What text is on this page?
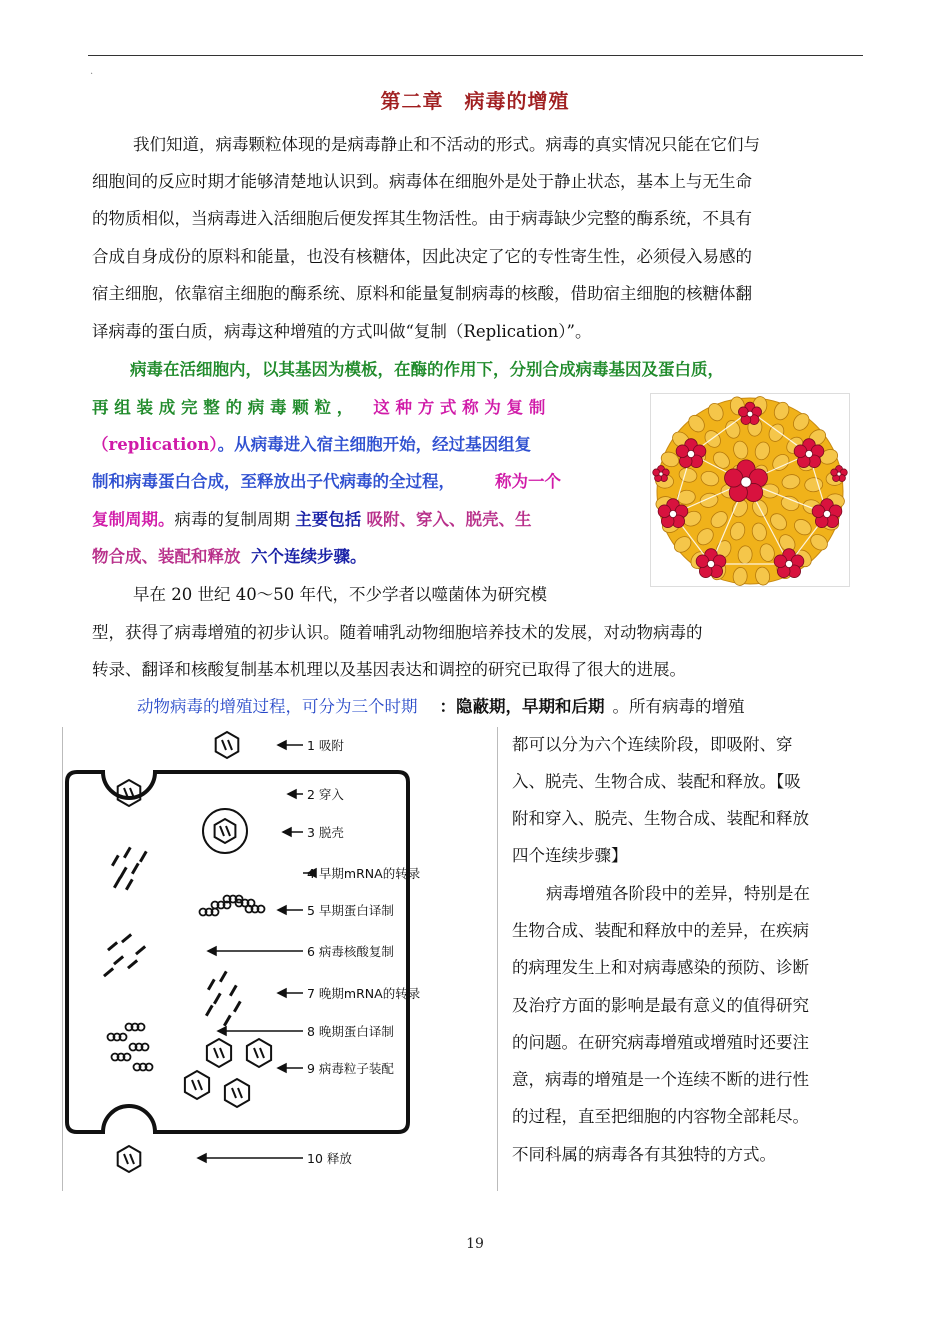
.
第二章　病毒的增殖
我们知道，病毒颗粒体现的是病毒静止和不活动的形式。病毒的真实情况只能在它们与
细胞间的反应时期才能够清楚地认识到。病毒体在细胞外是处于静止状态，基本上与无生命
的物质相似，当病毒进入活细胞后便发挥其生物活性。由于病毒缺少完整的酶系统，不具有
合成自身成份的原料和能量，也没有核糖体，因此决定了它的专性寄生性，必须侵入易感的
宿主细胞，依靠宿主细胞的酶系统、原料和能量复制病毒的核酸，借助宿主细胞的核糖体翻
译病毒的蛋白质，病毒这种增殖的方式叫做“复制（Replication）”。
病毒在活细胞内，以其基因为模板，在酶的作用下，分别合成病毒基因及蛋白质，
再 组 装 成 完 整 的 病 毒 颗 粒 ， 这 种 方 式 称 为 复 制
（replication）。从病毒进入宿主细胞开始，经过基因组复
制和病毒蛋白合成，至释放出子代病毒的全过程， 称为一个
复制周期。病毒的复制周期 主要包括 吸附、穿入、脱壳、生
物合成、装配和释放 六个连续步骤。
早在 20 世纪 40～50 年代，不少学者以噬菌体为研究模
型，获得了病毒增殖的初步认识。随着哺乳动物细胞培养技术的发展，对动物病毒的
转录、翻译和核酸复制基本机理以及基因表达和调控的研究已取得了很大的进展。
动物病毒的增殖过程，可分为三个时期 ：隐蔽期，早期和后期 。所有病毒的增殖
都可以分为六个连续阶段，即吸附、穿
入、脱壳、生物合成、装配和释放。【吸
附和穿入、脱壳、生物合成、装配和释放
四个连续步骤】
病毒增殖各阶段中的差异，特别是在
生物合成、装配和释放中的差异，在疾病
的病理发生上和对病毒感染的预防、诊断
及治疗方面的影响是最有意义的值得研究
的问题。在研究病毒增殖或增殖时还要注
意，病毒的增殖是一个连续不断的进行性
的过程，直至把细胞的内容物全部耗尽。
不同科属的病毒各有其独特的方式。
1 吸附
2 穿入
3 脱壳
4 早期mRNA的转录
5 早期蛋白译制
6 病毒核酸复制
7 晚期mRNA的转录
8 晚期蛋白译制
9 病毒粒子装配
10 释放
19
